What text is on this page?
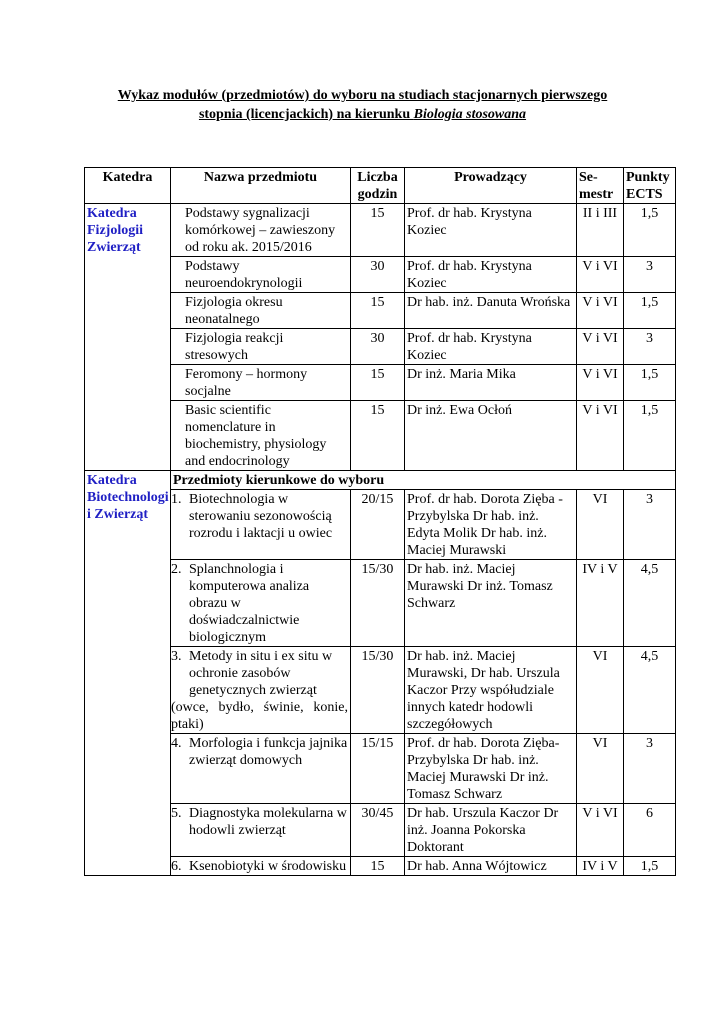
Wykaz modułów (przedmiotów) do wyboru na studiach stacjonarnych pierwszego
stopnia (licencjackich) na kierunku Biologia stosowana
Katedra	Nazwa przedmiotu	Liczba godzin	Prowadzący	Se-mestr	Punkty ECTS
Katedra Fizjologii Zwierząt	Podstawy sygnalizacji komórkowej – zawieszony od roku ak. 2015/2016	15	Prof. dr hab. Krystyna Koziec	II i III	1,5
	Podstawy neuroendokrynologii	30	Prof. dr hab. Krystyna Koziec	V i VI	3
	Fizjologia okresu neonatalnego	15	Dr hab. inż. Danuta Wrońska	V i VI	1,5
	Fizjologia reakcji stresowych	30	Prof. dr hab. Krystyna Koziec	V i VI	3
	Feromony – hormony socjalne	15	Dr inż. Maria Mika	V i VI	1,5
	Basic scientific nomenclature in biochemistry, physiology and endocrinology	15	Dr inż. Ewa Ocłoń	V i VI	1,5
Katedra Biotechnologi i Zwierząt	Przedmioty kierunkowe do wyboru				

	1. Biotechnologia w sterowaniu sezonowością rozrodu i laktacji u owiec	20/15	Prof. dr hab. Dorota Zięba -Przybylska Dr hab. inż. Edyta Molik Dr hab. inż. Maciej Murawski	VI	3

	2. Splanchnologia i komputerowa analiza obrazu w doświadczalnictwie biologicznym	15/30	Dr hab. inż. Maciej Murawski Dr inż. Tomasz Schwarz	IV i V	4,5

	3. Metody in situ i ex situ w ochronie zasobów genetycznych zwierząt
(owce, bydło, świnie, konie, ptaki)	15/30	Dr hab. inż. Maciej Murawski, Dr hab. Urszula Kaczor Przy współudziale innych katedr hodowli szczegółowych	VI	4,5

	4. Morfologia i funkcja jajnika zwierząt domowych	15/15	Prof. dr hab. Dorota Zięba-Przybylska Dr hab. inż. Maciej Murawski Dr inż. Tomasz Schwarz	VI	3

	5. Diagnostyka molekularna w hodowli zwierząt	30/45	Dr hab. Urszula Kaczor Dr inż. Joanna Pokorska Doktorant	V i VI	6

	6. Ksenobiotyki w środowisku	15	Dr hab. Anna Wójtowicz	IV i V	1,5
